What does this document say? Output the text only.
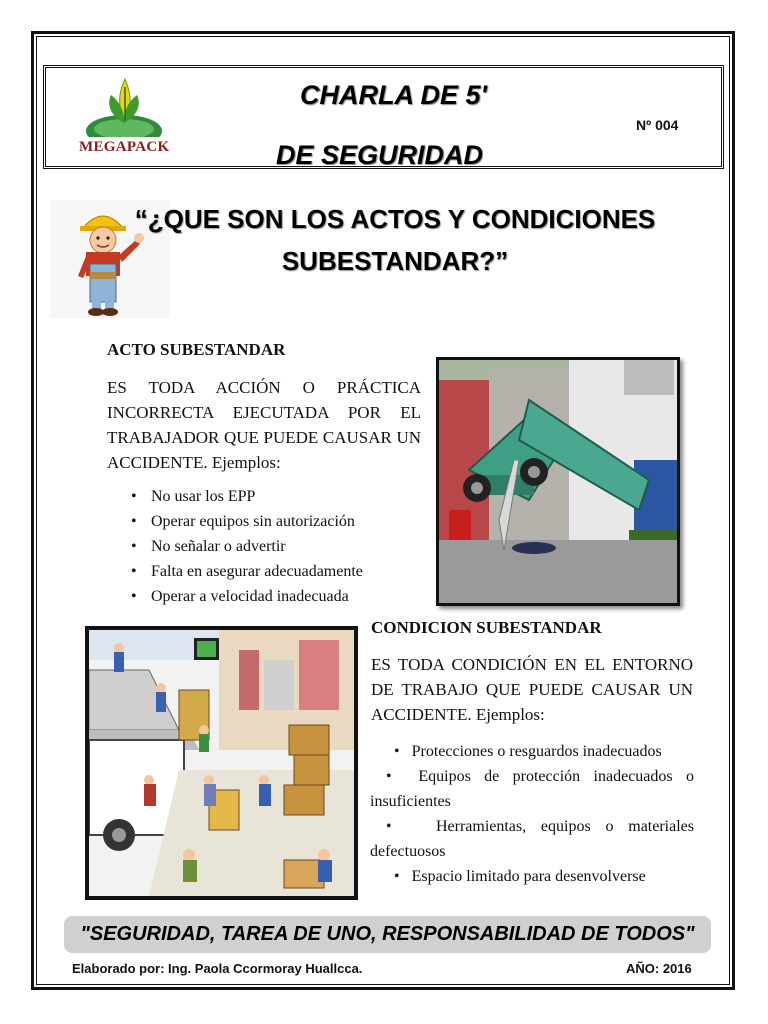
MEGAPACK
CHARLA DE 5'
DE SEGURIDAD
Nº 004
“¿QUE SON LOS ACTOS Y CONDICIONES SUBESTANDAR?”
ACTO SUBESTANDAR
ES TODA ACCIÓN O PRÁCTICA INCORRECTA EJECUTADA POR EL TRABAJADOR QUE PUEDE CAUSAR UN ACCIDENTE. Ejemplos:
• No usar los EPP
• Operar equipos sin autorización
• No señalar o advertir
• Falta en asegurar adecuadamente
• Operar a velocidad inadecuada
CONDICION SUBESTANDAR
ES TODA CONDICIÓN EN EL ENTORNO DE TRABAJO QUE PUEDE CAUSAR UN ACCIDENTE. Ejemplos:
• Protecciones o resguardos inadecuados
• Equipos de protección inadecuados o insuficientes
•	Herramientas, equipos o materiales defectuosos
• Espacio limitado para desenvolverse
"SEGURIDAD, TAREA DE UNO, RESPONSABILIDAD DE TODOS"
Elaborado por: Ing. Paola Ccormoray Huallcca.	AÑO: 2016
